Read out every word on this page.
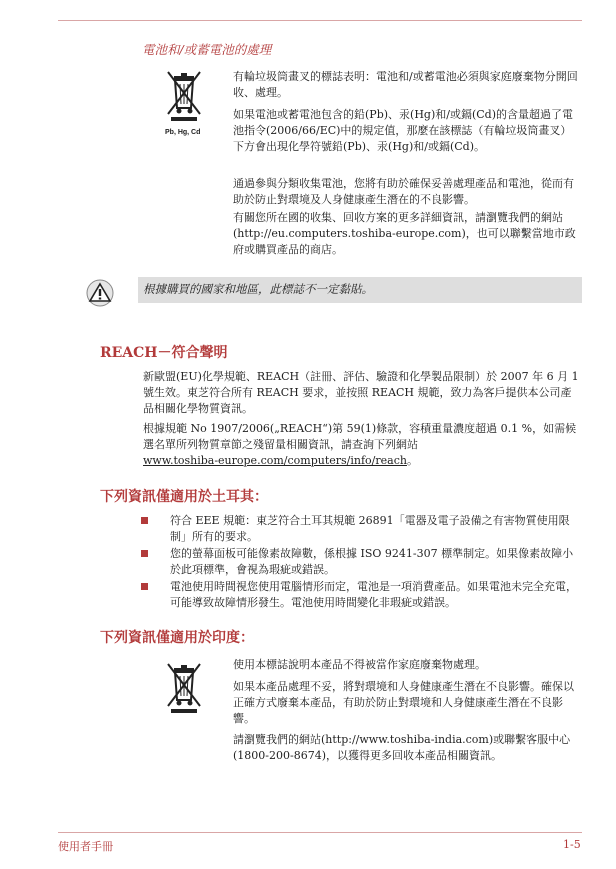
電池和/或蓄電池的處理
Pb, Hg, Cd

有輪垃圾筒畫叉的標誌表明：電池和/或蓄電池必須與家庭廢棄物分開回收、處理。

如果電池或蓄電池包含的鉛(Pb)、汞(Hg)和/或鎘(Cd)的含量超過了電池指令(2006/66/EC)中的規定值，那麼在該標誌（有輪垃圾筒畫叉）下方會出現化學符號鉛(Pb)、汞(Hg)和/或鎘(Cd)。

通過參與分類收集電池，您將有助於確保妥善處理產品和電池，從而有助於防止對環境及人身健康產生潛在的不良影響。

有關您所在國的收集、回收方案的更多詳細資訊，請瀏覽我們的網站(http://eu.computers.toshiba-europe.com)，也可以聯繫當地市政府或購買產品的商店。

根據購買的國家和地區，此標誌不一定黏貼。
REACH－符合聲明

新歐盟(EU)化學規範、REACH（註冊、評估、驗證和化學製品限制）於 2007 年 6 月 1 號生效。東芝符合所有 REACH 要求，並按照 REACH 規範，致力為客戶提供本公司產品相關化學物質資訊。

根據規範 No 1907/2006(„REACH“)第 59(1)條款，容積重量濃度超過 0.1 %，如需候選名單所列物質章節之殘留量相關資訊，請查詢下列網站
www.toshiba-europe.com/computers/info/reach。

下列資訊僅適用於土耳其：

符合 EEE 規範：東芝符合土耳其規範 26891「電器及電子設備之有害物質使用限制」所有的要求。

您的螢幕面板可能像素故障數，係根據 ISO 9241-307 標準制定。如果像素故障小於此項標準，會視為瑕疵或錯誤。

電池使用時間視您使用電腦情形而定，電池是一項消費產品。如果電池未完全充電，可能導致故障情形發生。電池使用時間變化非瑕疵或錯誤。

下列資訊僅適用於印度：

使用本標誌說明本產品不得被當作家庭廢棄物處理。

如果本產品處理不妥，將對環境和人身健康產生潛在不良影響。確保以正確方式廢棄本產品，有助於防止對環境和人身健康產生潛在不良影響。

請瀏覽我們的網站(http://www.toshiba-india.com)或聯繫客服中心(1800-200-8674)，以獲得更多回收本產品相關資訊。

使用者手冊	1-5
